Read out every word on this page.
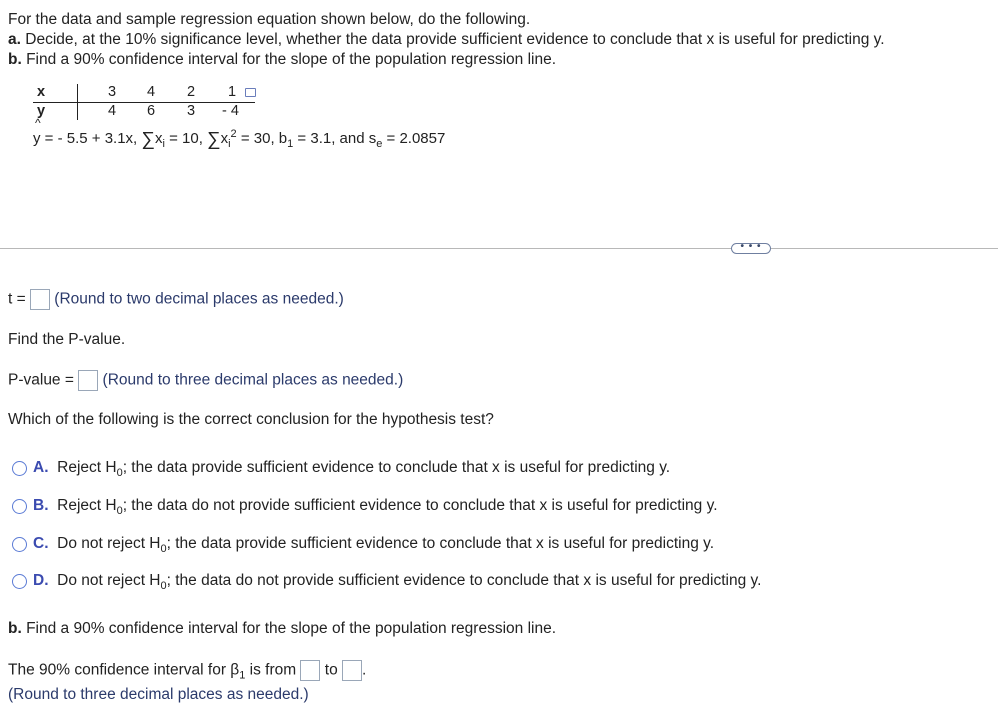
For the data and sample regression equation shown below, do the following.
a. Decide, at the 10% significance level, whether the data provide sufficient evidence to conclude that x is useful for predicting y.
b. Find a 90% confidence interval for the slope of the population regression line.
x
y
3 4 2 1
4 6 3 - 4
^
y = - 5.5 + 3.1x, $\sum x_i = 10$, $\sum x_i^2 = 30$, $b_1 = 3.1$, and $s_e = 2.0857$
• • •
t = (Round to two decimal places as needed.)
Find the P-value.
P-value = (Round to three decimal places as needed.)
Which of the following is the correct conclusion for the hypothesis test?
A. Reject $H_0$; the data provide sufficient evidence to conclude that x is useful for predicting y.
B. Reject $H_0$; the data do not provide sufficient evidence to conclude that x is useful for predicting y.
C. Do not reject $H_0$; the data provide sufficient evidence to conclude that x is useful for predicting y.
D. Do not reject $H_0$; the data do not provide sufficient evidence to conclude that x is useful for predicting y.
b. Find a 90% confidence interval for the slope of the population regression line.
The 90% confidence interval for $\beta_1$ is from to .
(Round to three decimal places as needed.)
